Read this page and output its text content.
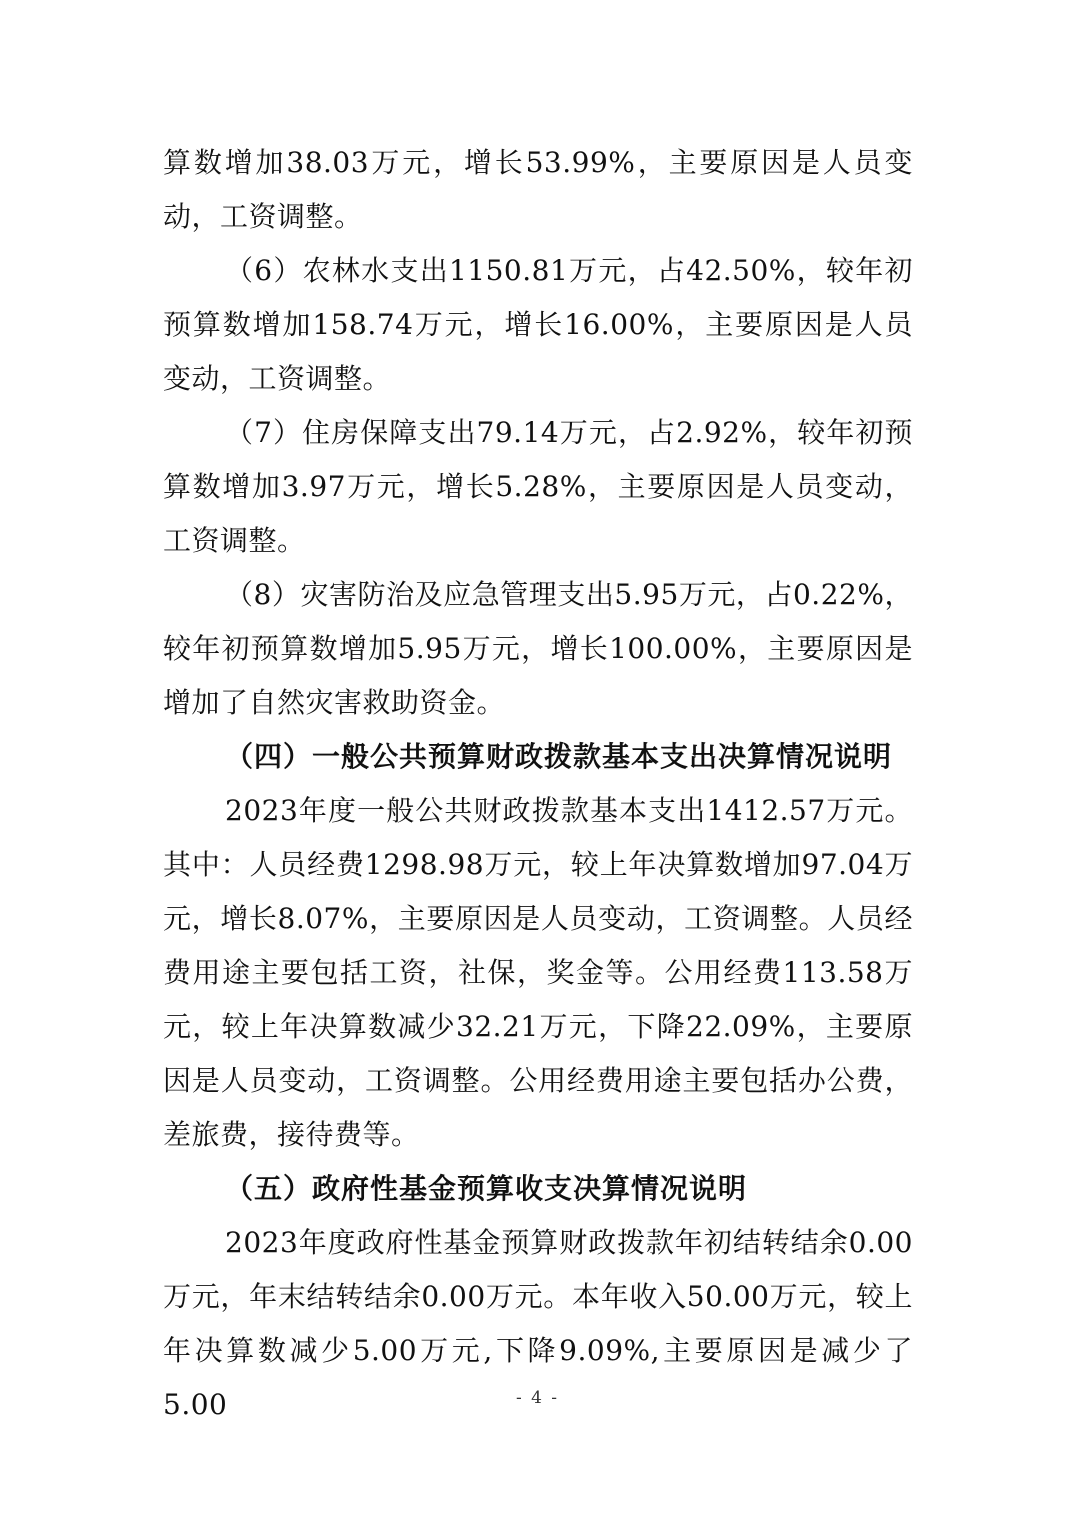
算数增加38.03万元，增长53.99%，主要原因是人员变动，工资调整。

（6）农林水支出1150.81万元，占42.50%，较年初预算数增加158.74万元，增长16.00%，主要原因是人员变动，工资调整。

（7）住房保障支出79.14万元，占2.92%，较年初预算数增加3.97万元，增长5.28%，主要原因是人员变动，工资调整。

（8）灾害防治及应急管理支出5.95万元，占0.22%，较年初预算数增加5.95万元，增长100.00%，主要原因是增加了自然灾害救助资金。

（四）一般公共预算财政拨款基本支出决算情况说明

2023年度一般公共财政拨款基本支出1412.57万元。其中：人员经费1298.98万元，较上年决算数增加97.04万元，增长8.07%，主要原因是人员变动，工资调整。人员经费用途主要包括工资，社保，奖金等。公用经费113.58万元，较上年决算数减少32.21万元，下降22.09%，主要原因是人员变动，工资调整。公用经费用途主要包括办公费，差旅费，接待费等。

（五）政府性基金预算收支决算情况说明

2023年度政府性基金预算财政拨款年初结转结余0.00万元，年末结转结余0.00万元。本年收入50.00万元，较上年决算数减少5.00万元,下降9.09%,主要原因是减少了5.00	- 4 -
